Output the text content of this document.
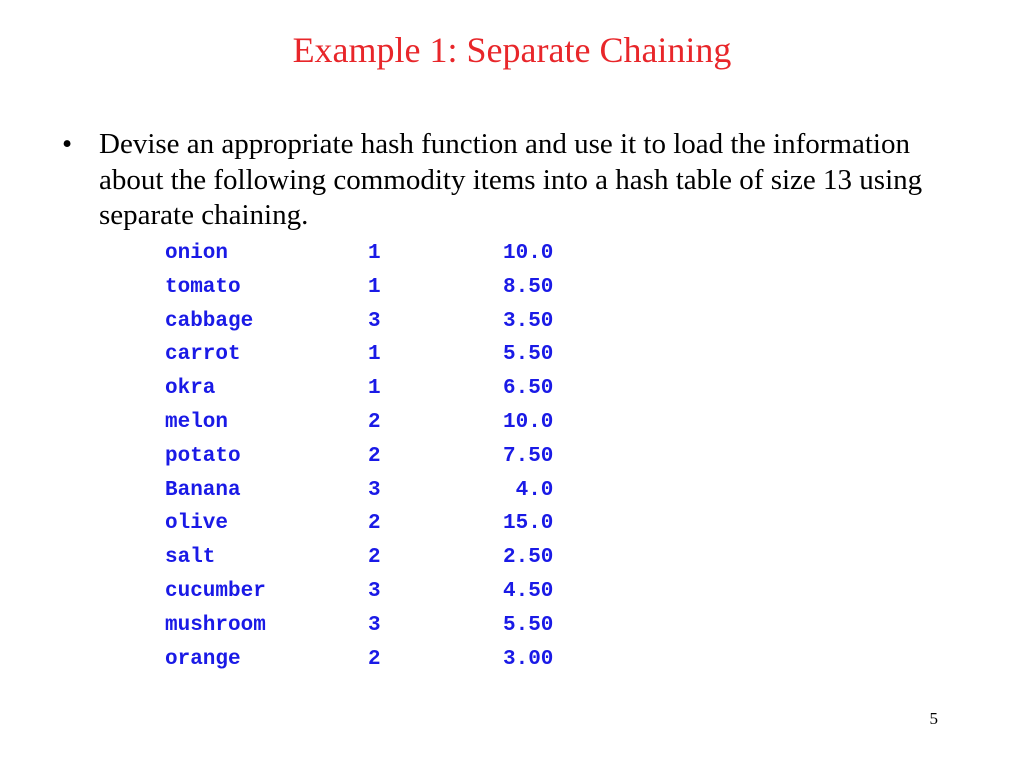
Example 1: Separate Chaining
• Devise an appropriate hash function and use it to load the information about the following commodity items into a hash table of size 13 using separate chaining.
onion	1	10.0
tomato	1	8.50
cabbage	3	3.50
carrot	1	5.50
okra	1	6.50
melon	2	10.0
potato	2	7.50
Banana	3	4.0
olive	2	15.0
salt	2	2.50
cucumber	3	4.50
mushroom	3	5.50
orange	2	3.00
5
